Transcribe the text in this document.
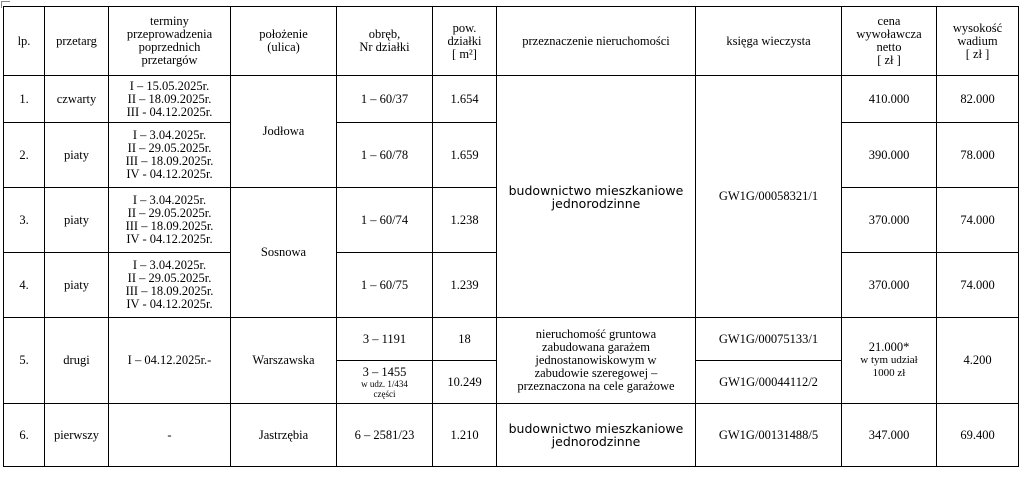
lp.	przetarg	terminy
przeprowadzenia
poprzednich
przetargów	położenie
(ulica)	obręb,
Nr działki	pow.
działki
[ m²]	przeznaczenie nieruchomości	księga wieczysta	cena
wywoławcza
netto
[ zł ]	wysokość
wadium
[ zł ]

1.	czwarty	I – 15.05.2025r.
II – 18.09.2025r.
III - 04.12.2025r.	Jodłowa	1 – 60/37	1.654	budownictwo mieszkaniowe
jednorodzinne	GW1G/00058321/1	410.000	82.000
2.	piaty	I – 3.04.2025r.
II – 29.05.2025r.
III – 18.09.2025r.
IV - 04.12.2025r.		1 – 60/78	1.659			390.000	78.000
3.	piaty	I – 3.04.2025r.
II – 29.05.2025r.
III – 18.09.2025r.
IV - 04.12.2025r.	Sosnowa	1 – 60/74	1.238			370.000	74.000
4.	piaty	I – 3.04.2025r.
II – 29.05.2025r.
III – 18.09.2025r.
IV - 04.12.2025r.		1 – 60/75	1.239			370.000	74.000
5.	drugi	I – 04.12.2025r.-	Warszawska	3 – 1191	18	nieruchomość gruntowa
zabudowana garażem
jednostanowiskowym w
zabudowie szeregowej –
przeznaczona na cele garażowe	GW1G/00075133/1	21.000*
w tym udział
1000 zł	4.200

				3 – 1455
w udz. 1/434
części	10.249		GW1G/00044112/2		
6.	pierwszy	-	Jastrzębia	6 – 2581/23	1.210	budownictwo mieszkaniowe
jednorodzinne	GW1G/00131488/5	347.000	69.400
